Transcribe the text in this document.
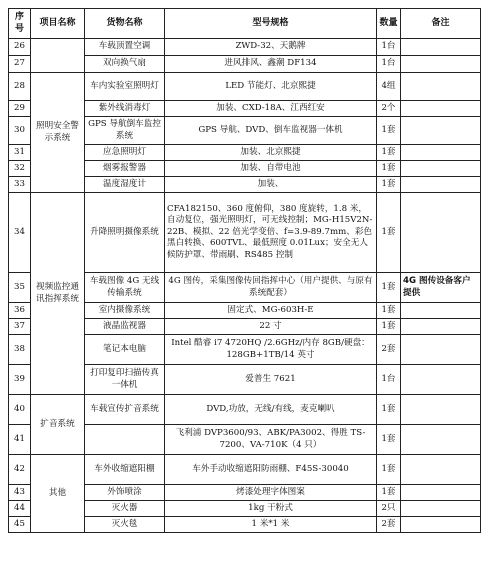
序号	项目名称	货物名称	型号规格	数量	备注
26		车载顶置空调	ZWD-32、天鹅牌	1台	
27		双向换气扇	进风排风、鑫潮 DF134	1台	
28	照明安全警示系统	车内实验室照明灯	LED 节能灯、北京熙捷	4组	
29		紫外线消毒灯	加装、CXD-18A、江西红安	2个	
30		GPS 导航倒车监控系统	GPS 导航、DVD、倒车监视器一体机	1套	
31		应急照明灯	加装、北京熙捷	1套	
32		烟雾报警器	加装、自带电池	1套	
33		温度湿度计	加装、	1套	
34	视频监控通讯指挥系统	升降照明摄像系统	CFA182150、360 度俯仰，380 度旋转，1.8 米，自动复位，强光照明灯，可无线控制；MG-H15V2N-22B、模拟、22 倍光学变倍、f=3.9-89.7mm、彩色黑白转换、600TVL、最低照度 0.01Lux；安全无人候防护罩、带雨刷、RS485 控制	1套	
35		车载图像 4G 无线传输系统	4G 图传，采集图像传回指挥中心（用户提供、与原有系统配套）	1套	4G 图传设备客户提供
36		室内摄像系统	固定式、MG-603H-E	1套	
37		液晶监视器	22 寸	1套	
38		笔记本电脑	Intel 酷睿 i7 4720HQ /2.6GHz/内存 8GB/硬盘：128GB+1TB/14 英寸	2套	
39		打印复印扫描传真一体机	爱普生 7621	1台	
40	扩音系统	车载宣传扩音系统	DVD,功放，无线/有线，麦克喇叭	1套	
41			飞利浦 DVP3600/93、ABK/PA3002、得胜 TS-7200、VA-710K（4 只）	1套	
42	其他	车外收缩遮阳棚	车外手动收缩遮阳防雨棚、F45S-30040	1套	
43		外饰喷涂	烤漆处理字体图案	1套	
44		灭火器	1kg 干粉式	2只	
45		灭火毯	1 米*1 米	2套	
